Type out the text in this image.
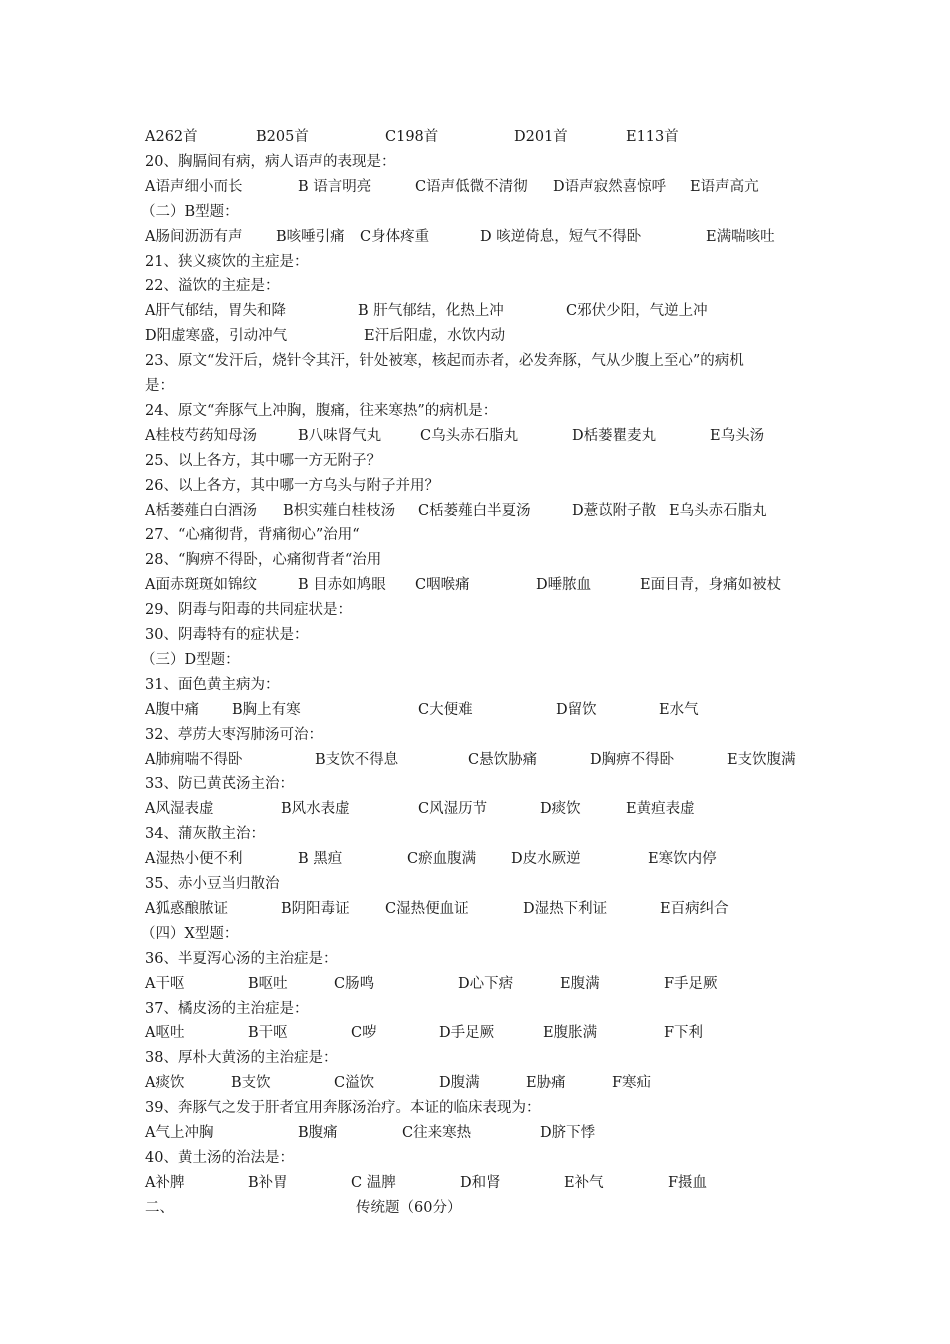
A262首	B205首	C198首	D201首	E113首
20、胸膈间有病，病人语声的表现是：
A语声细小而长	B 语言明亮	C语声低微不清彻 D语声寂然喜惊呼 E语声高亢
（二）B型题：
A肠间沥沥有声 B咳唾引痛 C身体疼重	D 咳逆倚息，短气不得卧	E满喘咳吐
21、狭义痰饮的主症是：
22、溢饮的主症是：
A肝气郁结，胃失和降	B 肝气郁结，化热上冲	C邪伏少阳，气逆上冲
D阳虚寒盛，引动冲气	E汗后阳虚，水饮内动
23、原文“发汗后，烧针令其汗，针处被寒，核起而赤者，必发奔豚，气从少腹上至心”的病机
是：
24、原文“奔豚气上冲胸，腹痛，往来寒热”的病机是：
A桂枝芍药知母汤	B八味肾气丸	C乌头赤石脂丸	D栝蒌瞿麦丸	E乌头汤
25、以上各方，其中哪一方无附子？
26、以上各方，其中哪一方乌头与附子并用？
A栝蒌薤白白酒汤 B枳实薤白桂枝汤 C栝蒌薤白半夏汤	D薏苡附子散 E乌头赤石脂丸
27、“心痛彻背，背痛彻心”治用“
28、“胸痹不得卧，心痛彻背者“治用
A面赤斑斑如锦纹	B 目赤如鸠眼 C咽喉痛	D唾脓血	E面目青，身痛如被杖
29、阴毒与阳毒的共同症状是：
30、阴毒特有的症状是：
（三）D型题：
31、面色黄主病为：
A腹中痛 B胸上有寒	C大便难	D留饮	E水气
32、葶苈大枣泻肺汤可治：
A肺痈喘不得卧	B支饮不得息	C悬饮胁痛	D胸痹不得卧	E支饮腹满
33、防已黄芪汤主治：
A风湿表虚	B风水表虚	C风湿历节	D痰饮	E黄疸表虚
34、蒲灰散主治：
A湿热小便不利	B 黑疸	C瘀血腹满 D皮水厥逆	E寒饮内停
35、赤小豆当归散治
A狐惑酿脓证	B阴阳毒证 C湿热便血证	D湿热下利证	E百病纠合
（四）X型题：
36、半夏泻心汤的主治症是：
A干呕	B呕吐	C肠鸣	D心下痞	E腹满	F手足厥
37、橘皮汤的主治症是：
A呕吐	B干呕	C哕	D手足厥	E腹胀满	F下利
38、厚朴大黄汤的主治症是：
A痰饮	B支饮	C溢饮	D腹满	E胁痛	F寒疝
39、奔豚气之发于肝者宜用奔豚汤治疗。本证的临床表现为：
A气上冲胸	B腹痛	C往来寒热	D脐下悸
40、黄土汤的治法是：
A补脾	B补胃	C 温脾	D和肾	E补气	F摄血
二、	传统题（60分）
